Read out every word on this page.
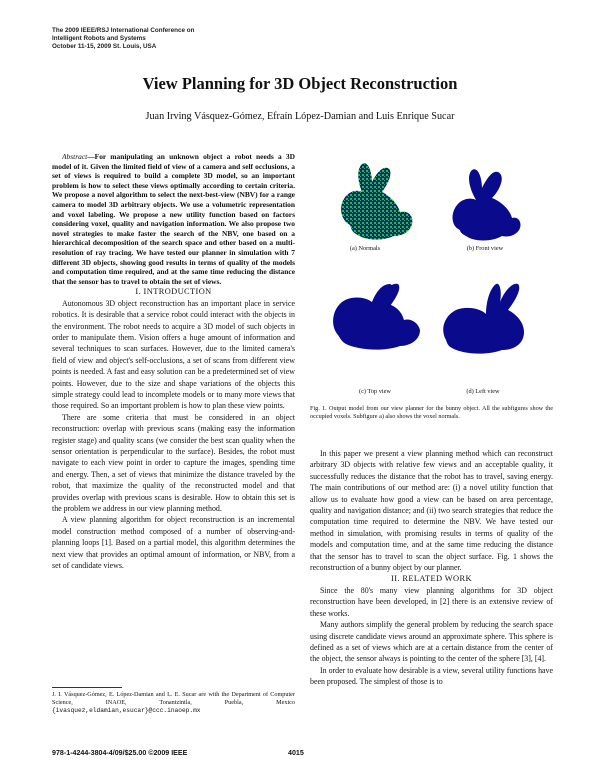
The 2009 IEEE/RSJ International Conference on
Intelligent Robots and Systems
October 11-15, 2009 St. Louis, USA
View Planning for 3D Object Reconstruction
Juan Irving Vásquez-Gómez, Efraín López-Damian and Luis Enrique Sucar

Abstract—For manipulating an unknown object a robot needs a 3D model of it. Given the limited field of view of a camera and self occlusions, a set of views is required to build a complete 3D model, so an important problem is how to select these views optimally according to certain criteria. We propose a novel algorithm to select the next-best-view (NBV) for a range camera to model 3D arbitrary objects. We use a volumetric representation and voxel labeling. We propose a new utility function based on factors considering voxel, quality and navigation information. We also propose two novel strategies to make faster the search of the NBV, one based on a hierarchical decomposition of the search space and other based on a multi-resolution of ray tracing. We have tested our planner in simulation with 7 different 3D objects, showing good results in terms of quality of the models and computation time required, and at the same time reducing the distance that the sensor has to travel to obtain the set of views.

I. INTRODUCTION

Autonomous 3D object reconstruction has an important place in service robotics. It is desirable that a service robot could interact with the objects in the environment. The robot needs to acquire a 3D model of such objects in order to manipulate them. Vision offers a huge amount of information and several techniques to scan surfaces. However, due to the limited camera's field of view and object's self-occlusions, a set of scans from different view points is needed. A fast and easy solution can be a predetermined set of view points. However, due to the size and shape variations of the objects this simple strategy could lead to incomplete models or to many more views that those required. So an important problem is how to plan these view points.

There are some criteria that must be considered in an object reconstruction: overlap with previous scans (making easy the information register stage) and quality scans (we consider the best scan quality when the sensor orientation is perpendicular to the surface). Besides, the robot must navigate to each view point in order to capture the images, spending time and energy. Then, a set of views that minimize the distance traveled by the robot, that maximize the quality of the reconstructed model and that provides overlap with previous scans is desirable. How to obtain this set is the problem we address in our view planning method.

A view planning algorithm for object reconstruction is an incremental model construction method composed of a number of observing-and-planning loops [1]. Based on a partial model, this algorithm determines the next view that provides an optimal amount of information, or NBV, from a set of candidate views.

J. I. Vásquez-Gómez, E. López-Damian and L. E. Sucar are with the Department of Computer Science, INAOE, Tonantzintla, Puebla, Mexico {ivasquez,eldamian,esucar}@ccc.inaoep.mx
(a) Normals	(b) Front view
(c) Top view	(d) Left view
Fig. 1. Output model from our view planner for the bunny object. All the subfigures show the occupied voxels. Subfigure a) also shows the voxel normals.

In this paper we present a view planning method which can reconstruct arbitrary 3D objects with relative few views and an acceptable quality, it successfully reduces the distance that the robot has to travel, saving energy. The main contributions of our method are: (i) a novel utility function that allow us to evaluate how good a view can be based on area percentage, quality and navigation distance; and (ii) two search strategies that reduce the computation time required to determine the NBV. We have tested our method in simulation, with promising results in terms of quality of the models and computation time, and at the same time reducing the distance that the sensor has to travel to scan the object surface. Fig. 1 shows the reconstruction of a bunny object by our planner.

II. RELATED WORK

Since the 80's many view planning algorithms for 3D object reconstruction have been developed, in [2] there is an extensive review of these works.

Many authors simplify the general problem by reducing the search space using discrete candidate views around an approximate sphere. This sphere is defined as a set of views which are at a certain distance from the center of the object, the sensor always is pointing to the center of the sphere [3], [4].

In order to evaluate how desirable is a view, several utility functions have been proposed. The simplest of those is to

978-1-4244-3804-4/09/$25.00 ©2009 IEEE	4015
